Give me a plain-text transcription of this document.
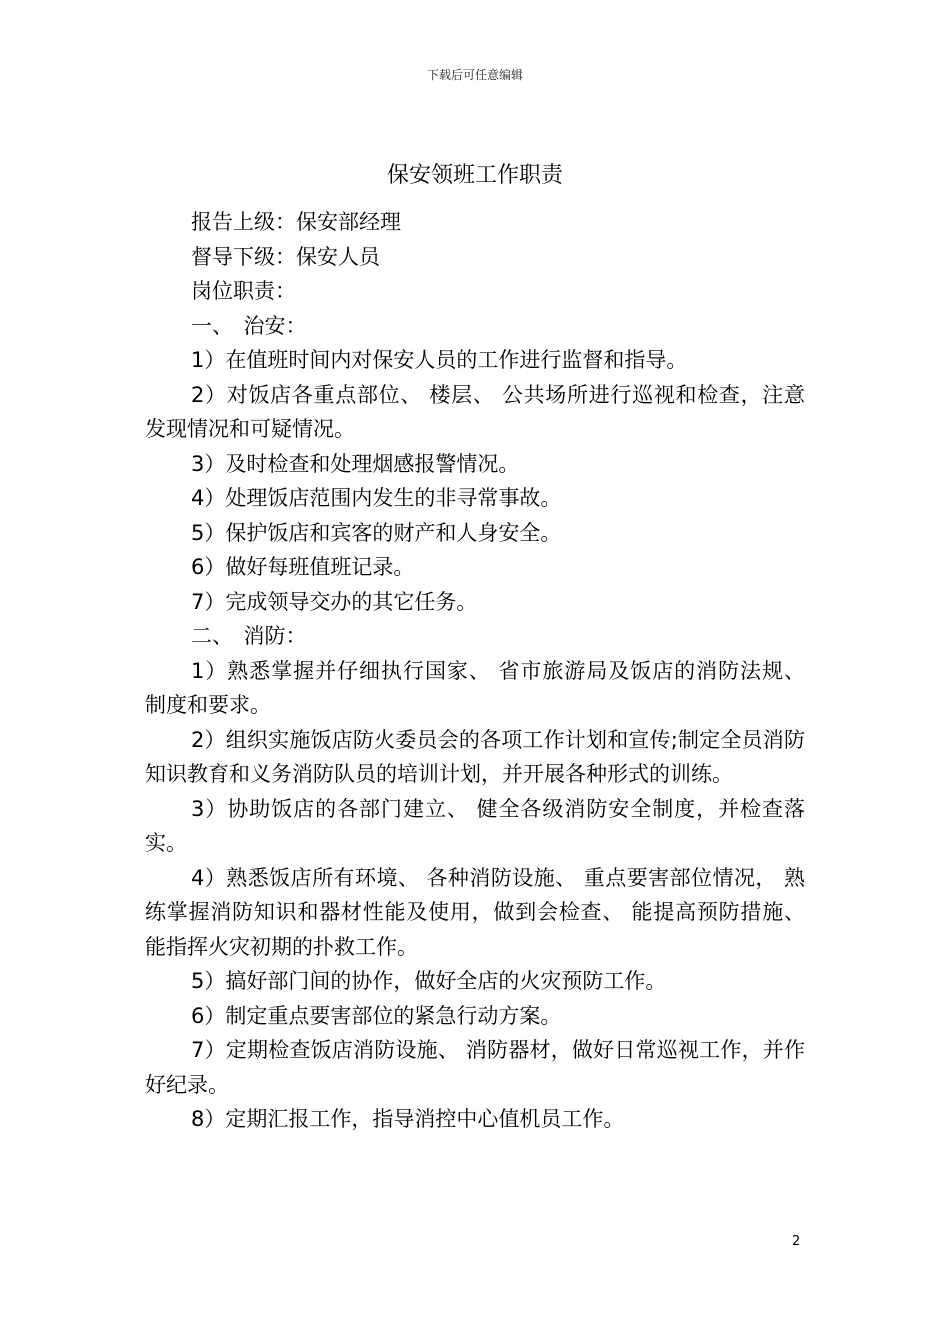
下载后可任意编辑
保安领班工作职责

报告上级：保安部经理

督导下级：保安人员

岗位职责：

一、　治安：

1）在值班时间内对保安人员的工作进行监督和指导。

2）对饭店各重点部位、 楼层、 公共场所进行巡视和检查，注意发现情况和可疑情况。

3）及时检查和处理烟感报警情况。

4）处理饭店范围内发生的非寻常事故。

5）保护饭店和宾客的财产和人身安全。

6）做好每班值班记录。

7）完成领导交办的其它任务。

二、　消防：

1）熟悉掌握并仔细执行国家、 省市旅游局及饭店的消防法规、 制度和要求。

2）组织实施饭店防火委员会的各项工作计划和宣传;制定全员消防知识教育和义务消防队员的培训计划，并开展各种形式的训练。

3）协助饭店的各部门建立、 健全各级消防安全制度，并检查落实。

4）熟悉饭店所有环境、 各种消防设施、 重点要害部位情况， 熟练掌握消防知识和器材性能及使用，做到会检查、 能提高预防措施、 能指挥火灾初期的扑救工作。

5）搞好部门间的协作，做好全店的火灾预防工作。

6）制定重点要害部位的紧急行动方案。

7）定期检查饭店消防设施、 消防器材，做好日常巡视工作，并作好纪录。

8）定期汇报工作，指导消控中心值机员工作。

2
